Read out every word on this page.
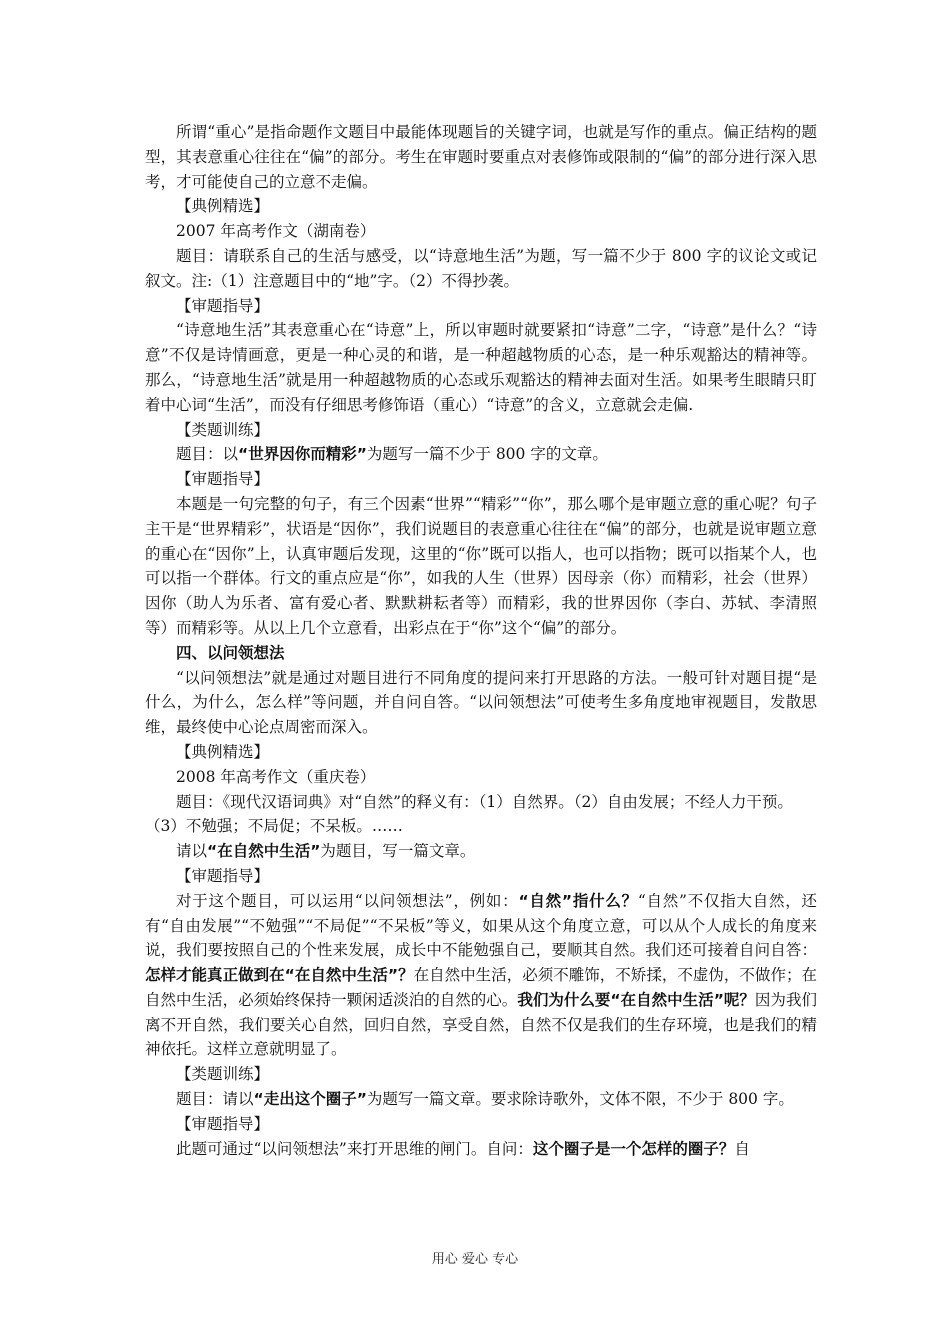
所谓“重心”是指命题作文题目中最能体现题旨的关键字词，也就是写作的重点。偏正结构的题型，其表意重心往往在“偏”的部分。考生在审题时要重点对表修饰或限制的“偏”的部分进行深入思考，才可能使自己的立意不走偏。

【典例精选】

2007 年高考作文（湖南卷）

题目：请联系自己的生活与感受，以“诗意地生活”为题，写一篇不少于 800 字的议论文或记叙文。注:（1）注意题目中的“地”字。（2）不得抄袭。

【审题指导】

“诗意地生活”其表意重心在“诗意”上，所以审题时就要紧扣“诗意”二字，“诗意”是什么？“诗意”不仅是诗情画意，更是一种心灵的和谐，是一种超越物质的心态，是一种乐观豁达的精神等。那么，“诗意地生活”就是用一种超越物质的心态或乐观豁达的精神去面对生活。如果考生眼睛只盯着中心词“生活”，而没有仔细思考修饰语（重心）“诗意”的含义，立意就会走偏.

【类题训练】

题目：以“世界因你而精彩”为题写一篇不少于 800 字的文章。

【审题指导】

本题是一句完整的句子，有三个因素“世界”“精彩”“你”，那么哪个是审题立意的重心呢？句子主干是“世界精彩”，状语是“因你”，我们说题目的表意重心往往在“偏”的部分，也就是说审题立意的重心在“因你”上，认真审题后发现，这里的“你”既可以指人，也可以指物；既可以指某个人，也可以指一个群体。行文的重点应是“你”，如我的人生（世界）因母亲（你）而精彩，社会（世界）因你（助人为乐者、富有爱心者、默默耕耘者等）而精彩，我的世界因你（李白、苏轼、李清照等）而精彩等。从以上几个立意看，出彩点在于“你”这个“偏”的部分。

四、以问领想法

“以问领想法”就是通过对题目进行不同角度的提问来打开思路的方法。一般可针对题目提“是什么，为什么，怎么样”等问题，并自问自答。“以问领想法”可使考生多角度地审视题目，发散思维，最终使中心论点周密而深入。

【典例精选】

2008 年高考作文（重庆卷）

题目：《现代汉语词典》对“自然”的释义有：（1）自然界。（2）自由发展；不经人力干预。

（3）不勉强；不局促；不呆板。……

请以“在自然中生活”为题目，写一篇文章。

【审题指导】

对于这个题目，可以运用“以问领想法”，例如：“自然”指什么？“自然”不仅指大自然，还有“自由发展”“不勉强”“不局促”“不呆板”等义，如果从这个角度立意，可以从个人成长的角度来说，我们要按照自己的个性来发展，成长中不能勉强自己，要顺其自然。我们还可接着自问自答：怎样才能真正做到在“在自然中生活”？在自然中生活，必须不雕饰，不矫揉，不虚伪，不做作；在自然中生活，必须始终保持一颗闲适淡泊的自然的心。我们为什么要“在自然中生活”呢？因为我们离不开自然，我们要关心自然，回归自然，享受自然，自然不仅是我们的生存环境，也是我们的精神依托。这样立意就明显了。

【类题训练】

题目：请以“走出这个圈子”为题写一篇文章。要求除诗歌外，文体不限，不少于 800 字。

【审题指导】

此题可通过“以问领想法”来打开思维的闸门。自问：这个圈子是一个怎样的圈子？自

用心 爱心 专心
